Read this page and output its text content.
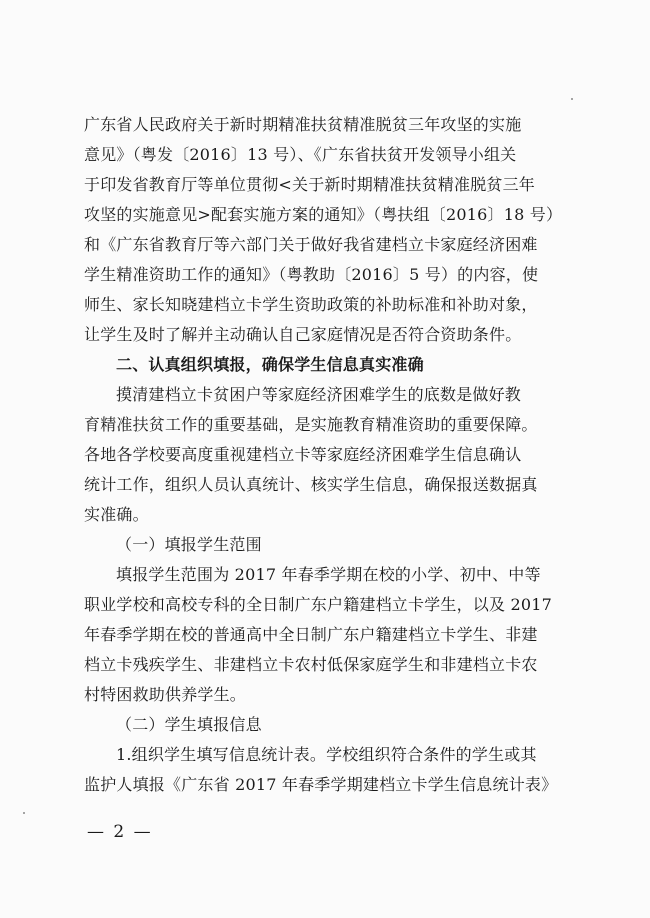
广东省人民政府关于新时期精准扶贫精准脱贫三年攻坚的实施
意见》（粤发〔2016〕13 号）、《广东省扶贫开发领导小组关
于印发省教育厅等单位贯彻<关于新时期精准扶贫精准脱贫三年
攻坚的实施意见>配套实施方案的通知》（粤扶组〔2016〕18 号）
和《广东省教育厅等六部门关于做好我省建档立卡家庭经济困难
学生精准资助工作的通知》（粤教助〔2016〕5 号）的内容，使
师生、家长知晓建档立卡学生资助政策的补助标准和补助对象，
让学生及时了解并主动确认自己家庭情况是否符合资助条件。
二、认真组织填报，确保学生信息真实准确
摸清建档立卡贫困户等家庭经济困难学生的底数是做好教
育精准扶贫工作的重要基础，是实施教育精准资助的重要保障。
各地各学校要高度重视建档立卡等家庭经济困难学生信息确认
统计工作，组织人员认真统计、核实学生信息，确保报送数据真
实准确。
（一）填报学生范围
填报学生范围为 2017 年春季学期在校的小学、初中、中等
职业学校和高校专科的全日制广东户籍建档立卡学生，以及 2017
年春季学期在校的普通高中全日制广东户籍建档立卡学生、非建
档立卡残疾学生、非建档立卡农村低保家庭学生和非建档立卡农
村特困救助供养学生。
（二）学生填报信息
1.组织学生填写信息统计表。学校组织符合条件的学生或其
监护人填报《广东省 2017 年春季学期建档立卡学生信息统计表》
— 2 —
